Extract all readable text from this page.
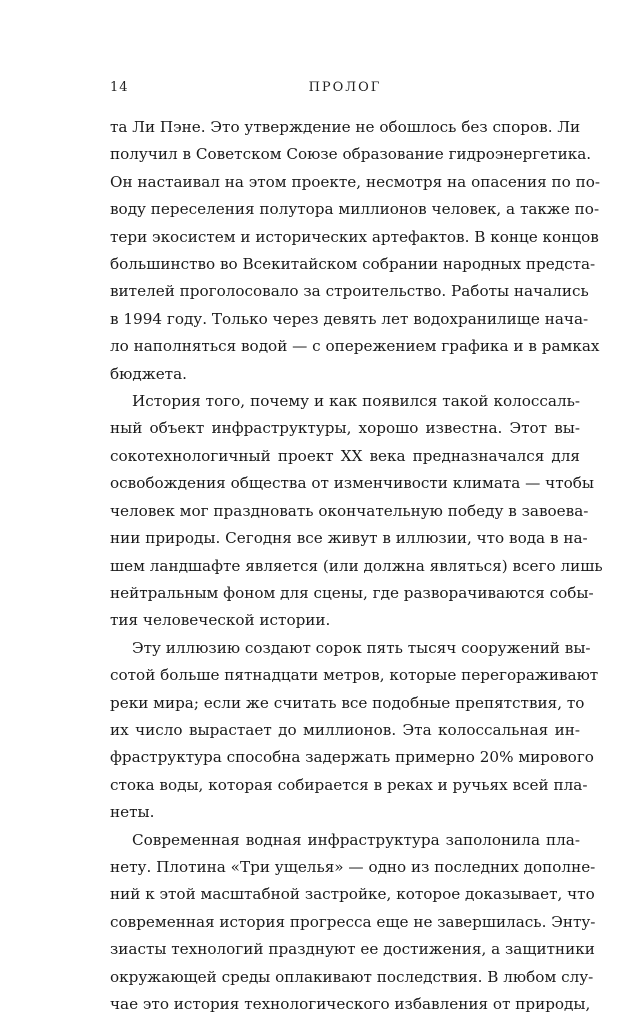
14	ПРОЛОГ
та Ли Пэне. Это утверждение не обошлось без споров. Ли
получил в Советском Союзе образование гидроэнергетика.
Он настаивал на этом проекте, несмотря на опасения по по-
воду переселения полутора миллионов человек, а также по-
тери экосистем и исторических артефактов. В конце концов
большинство во Всекитайском собрании народных предста-
вителей проголосовало за строительство. Работы начались
в 1994 году. Только через девять лет водохранилище нача-
ло наполняться водой — с опережением графика и в рамках
бюджета.
История того, почему и как появился такой колоссаль-
ный объект инфраструктуры, хорошо известна. Этот вы-
сокотехнологичный проект XX века предназначался для
освобождения общества от изменчивости климата — чтобы
человек мог праздновать окончательную победу в завоева-
нии природы. Сегодня все живут в иллюзии, что вода в на-
шем ландшафте является (или должна являться) всего лишь
нейтральным фоном для сцены, где разворачиваются собы-
тия человеческой истории.
Эту иллюзию создают сорок пять тысяч сооружений вы-
сотой больше пятнадцати метров, которые перегораживают
реки мира; если же считать все подобные препятствия, то
их число вырастает до миллионов. Эта колоссальная ин-
фраструктура способна задержать примерно 20% мирового
стока воды, которая собирается в реках и ручьях всей пла-
неты.
Современная водная инфраструктура заполонила пла-
нету. Плотина «Три ущелья» — одно из последних дополне-
ний к этой масштабной застройке, которое доказывает, что
современная история прогресса еще не завершилась. Энту-
зиасты технологий празднуют ее достижения, а защитники
окружающей среды оплакивают последствия. В любом слу-
чае это история технологического избавления от природы,
